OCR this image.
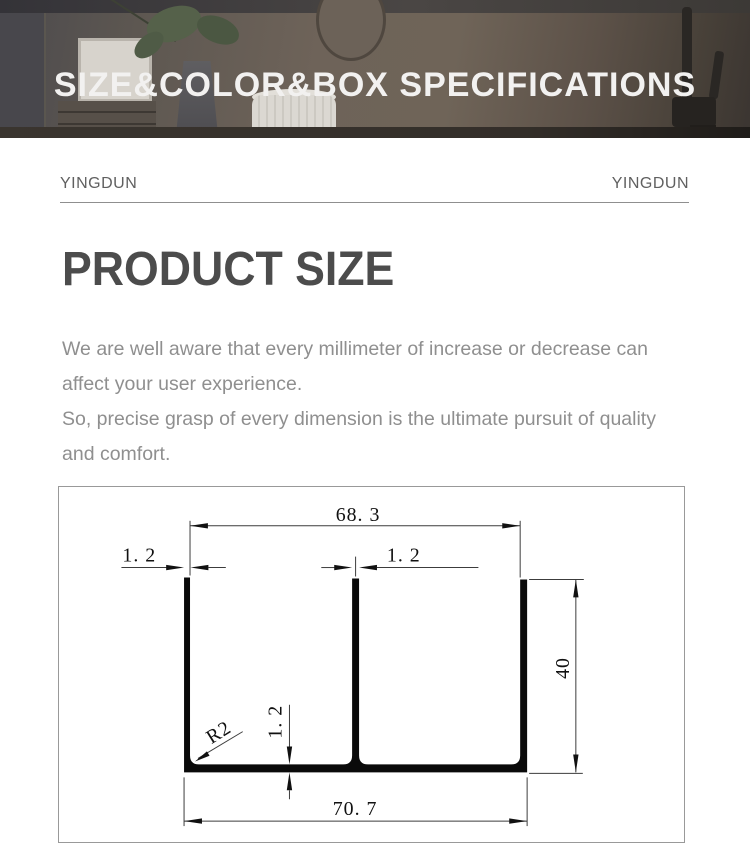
SIZE&COLOR&BOX SPECIFICATIONS
YINGDUN	YINGDUN
PRODUCT SIZE
We are well aware that every millimeter of increase or decrease can
affect your user experience.
So, precise grasp of every dimension is the ultimate pursuit of quality
and comfort.
68. 3
1. 2	1. 2
40
R2 1. 2
70. 7
